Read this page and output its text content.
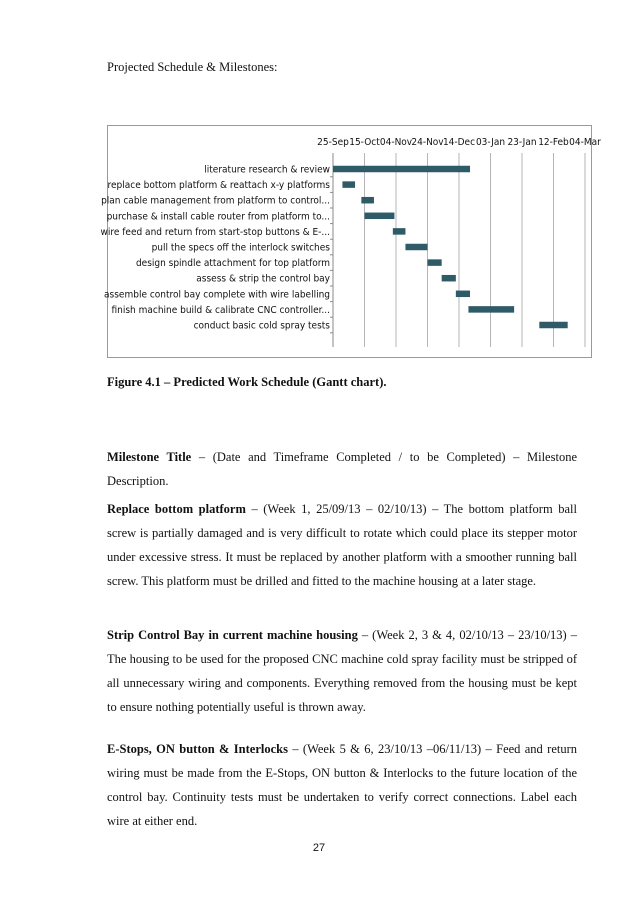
Projected Schedule & Milestones:
25-Sep 15-Oct 04-Nov 24-Nov 14-Dec 03-Jan 23-Jan 12-Feb 04-Mar
literature research & review
replace bottom platform & reattach x-y platforms
plan cable management from platform to control...
purchase & install cable router from platform to...
wire feed and return from start-stop buttons & E-...
pull the specs off the interlock switches
design spindle attachment for top platform
assess & strip the control bay
assemble control bay complete with wire labelling
finish machine build & calibrate CNC controller...
conduct basic cold spray tests
Figure 4.1 – Predicted Work Schedule (Gantt chart).

Milestone Title – (Date and Timeframe Completed / to be Completed) – Milestone Description.

Replace bottom platform – (Week 1, 25/09/13 – 02/10/13) – The bottom platform ball screw is partially damaged and is very difficult to rotate which could place its stepper motor under excessive stress. It must be replaced by another platform with a smoother running ball screw. This platform must be drilled and fitted to the machine housing at a later stage.

Strip Control Bay in current machine housing – (Week 2, 3 & 4, 02/10/13 – 23/10/13) – The housing to be used for the proposed CNC machine cold spray facility must be stripped of all unnecessary wiring and components. Everything removed from the housing must be kept to ensure nothing potentially useful is thrown away.

E-Stops, ON button & Interlocks – (Week 5 & 6, 23/10/13 –06/11/13) – Feed and return wiring must be made from the E-Stops, ON button & Interlocks to the future location of the control bay. Continuity tests must be undertaken to verify correct connections. Label each wire at either end.

27
